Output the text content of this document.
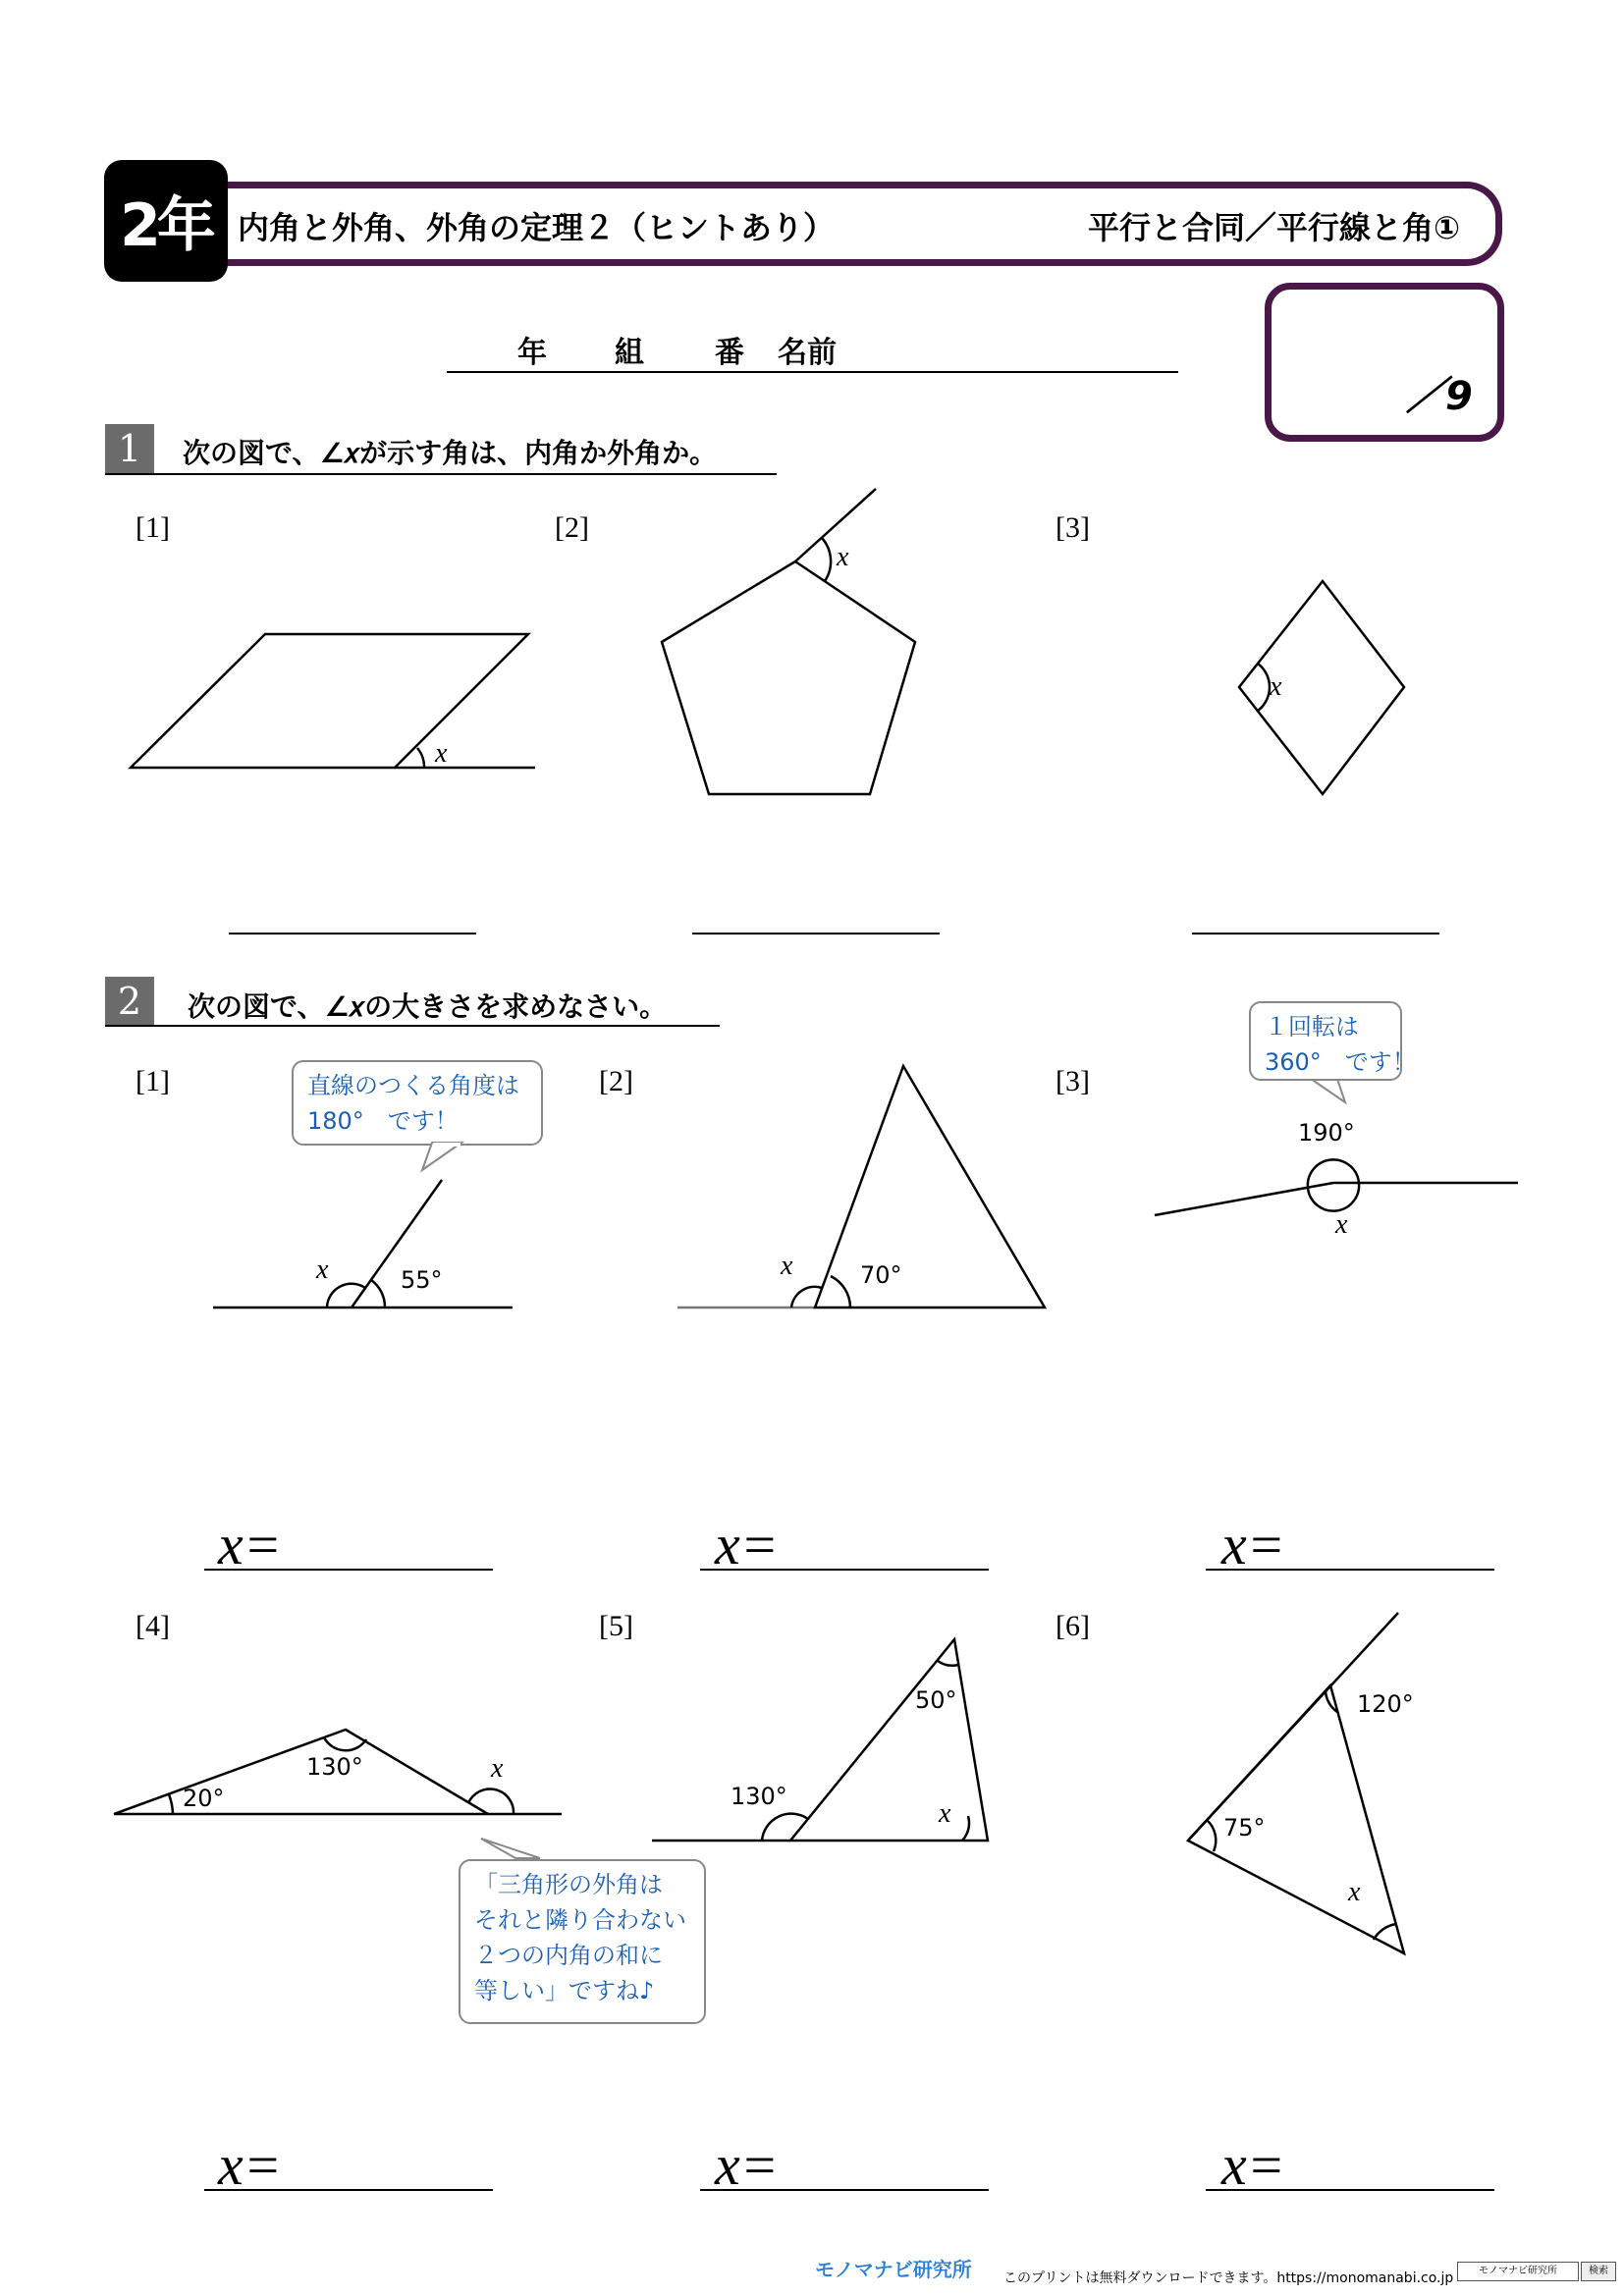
2年 内角と外角、外角の定理２（ヒントあり）	平行と合同／平行線と角①
／9
年 組 番 名前
1	次の図で、∠𝑥が示す角は、内角か外角か。
[1]	[2]	[3]
x
x
x
2	次の図で、∠𝑥の大きさを求めなさい。
[1]	[2]	[3]
[4]	[5]	[6]
55°
x	70°
x
190°
x
20°
130°	x
130°
50°
x
120°
75°
x
直線のつくる角度は
180°　です！
１回転は
360°　です！
「三角形の外角は
それと隣り合わない
２つの内角の和に
等しい」ですね♪
x=	x=	x=
x=	x=	x=
モノマナビ研究所 このプリントは無料ダウンロードできます。https://monomanabi.co.jp	モノマナビ研究所	検索
